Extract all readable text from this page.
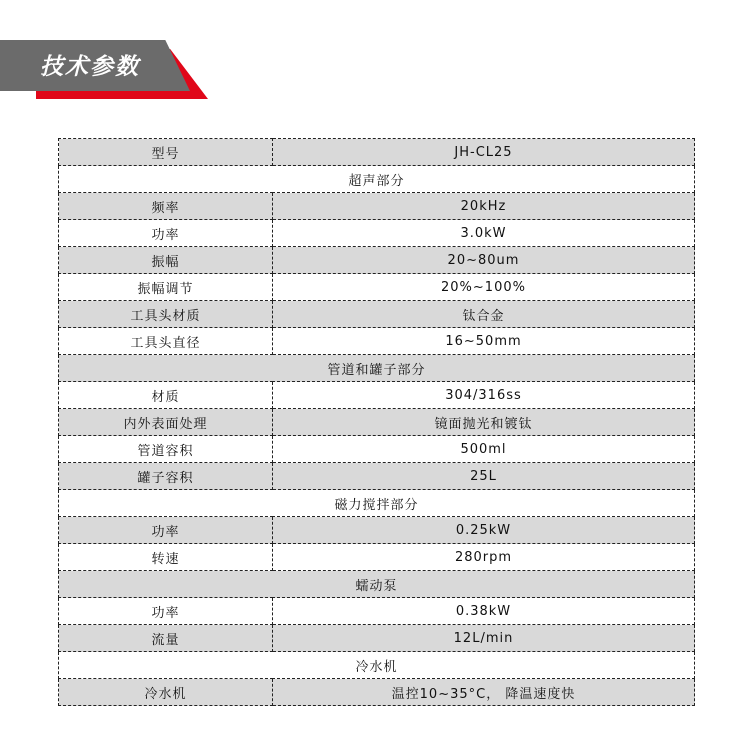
技术参数
型号	JH-CL25
超声部分	
频率	20kHz
功率	3.0kW
振幅	20~80um
振幅调节	20%~100%
工具头材质	钛合金
工具头直径	16~50mm
管道和罐子部分	
材质	304/316ss
内外表面处理	镜面抛光和镀钛
管道容积	500ml
罐子容积	25L
磁力搅拌部分	
功率	0.25kW
转速	280rpm
蠕动泵	
功率	0.38kW
流量	12L/min
冷水机	
冷水机	温控10~35°C， 降温速度快
